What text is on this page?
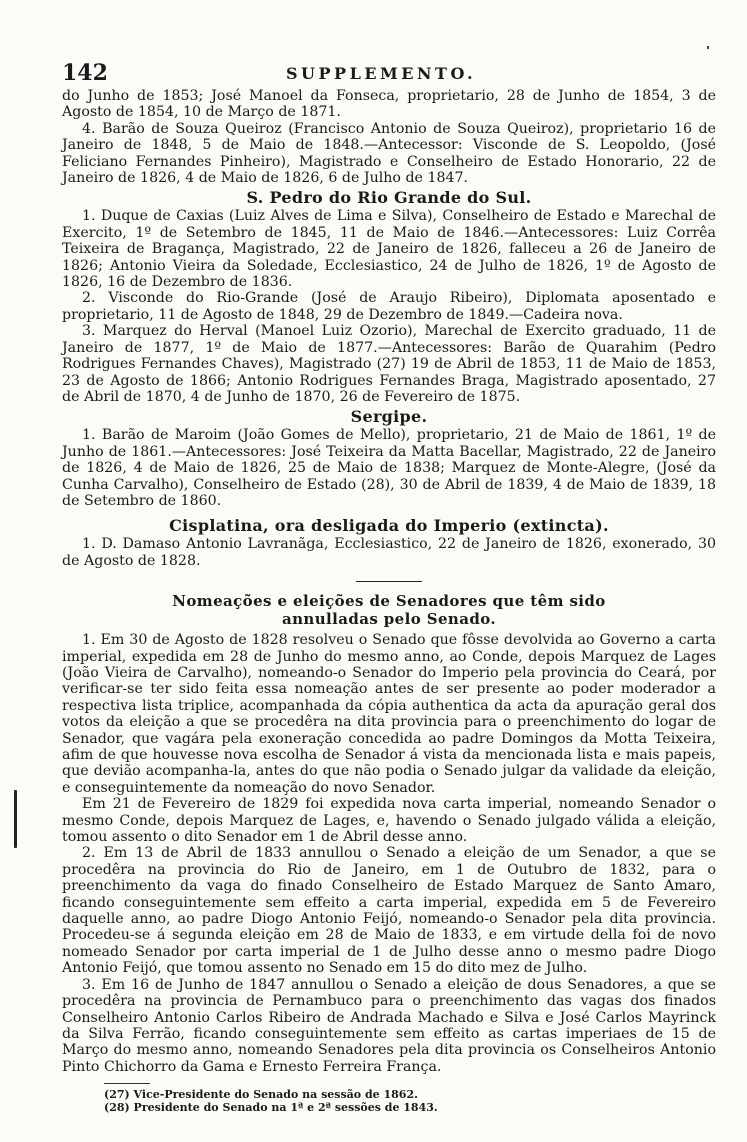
142	SUPPLEMENTO.

do Junho de 1853; José Manoel da Fonseca, proprietario, 28 de Junho de 1854, 3 de Agosto de 1854, 10 de Março de 1871.

4. Barão de Souza Queiroz (Francisco Antonio de Souza Queiroz), proprietario 16 de Janeiro de 1848, 5 de Maio de 1848.—Antecessor: Visconde de S. Leopoldo, (José Feliciano Fernandes Pinheiro), Magistrado e Conselheiro de Estado Honorario, 22 de Janeiro de 1826, 4 de Maio de 1826, 6 de Julho de 1847.

S. Pedro do Rio Grande do Sul.

1. Duque de Caxias (Luiz Alves de Lima e Silva), Conselheiro de Estado e Marechal de Exercito, 1º de Setembro de 1845, 11 de Maio de 1846.—Antecessores: Luiz Corrêa Teixeira de Bragança, Magistrado, 22 de Janeiro de 1826, falleceu a 26 de Janeiro de 1826; Antonio Vieira da Soledade, Ecclesiastico, 24 de Julho de 1826, 1º de Agosto de 1826, 16 de Dezembro de 1836.

2. Visconde do Rio-Grande (José de Araujo Ribeiro), Diplomata aposentado e proprietario, 11 de Agosto de 1848, 29 de Dezembro de 1849.—Cadeira nova.

3. Marquez do Herval (Manoel Luiz Ozorio), Marechal de Exercito graduado, 11 de Janeiro de 1877, 1º de Maio de 1877.—Antecessores: Barão de Quarahim (Pedro Rodrigues Fernandes Chaves), Magistrado (27) 19 de Abril de 1853, 11 de Maio de 1853, 23 de Agosto de 1866; Antonio Rodrigues Fernandes Braga, Magistrado aposentado, 27 de Abril de 1870, 4 de Junho de 1870, 26 de Fevereiro de 1875.

Sergipe.

1. Barão de Maroim (João Gomes de Mello), proprietario, 21 de Maio de 1861, 1º de Junho de 1861.—Antecessores: José Teixeira da Matta Bacellar, Magistrado, 22 de Janeiro de 1826, 4 de Maio de 1826, 25 de Maio de 1838; Marquez de Monte-Alegre, (José da Cunha Carvalho), Conselheiro de Estado (28), 30 de Abril de 1839, 4 de Maio de 1839, 18 de Setembro de 1860.

Cisplatina, ora desligada do Imperio (extincta).

1. D. Damaso Antonio Lavranãga, Ecclesiastico, 22 de Janeiro de 1826, exonerado, 30 de Agosto de 1828.

Nomeações e eleições de Senadores que têm sido annulladas pelo Senado.

1. Em 30 de Agosto de 1828 resolveu o Senado que fôsse devolvida ao Governo a carta imperial, expedida em 28 de Junho do mesmo anno, ao Conde, depois Marquez de Lages (João Vieira de Carvalho), nomeando-o Senador do Imperio pela provincia do Ceará, por verificar-se ter sido feita essa nomeação antes de ser presente ao poder moderador a respectiva lista triplice, acompanhada da cópia authentica da acta da apuração geral dos votos da eleição a que se procedêra na dita provincia para o preenchimento do logar de Senador, que vagára pela exoneração concedida ao padre Domingos da Motta Teixeira, afim de que houvesse nova escolha de Senador á vista da mencionada lista e mais papeis, que devião acompanha-la, antes do que não podia o Senado julgar da validade da eleição, e conseguintemente da nomeação do novo Senador.

Em 21 de Fevereiro de 1829 foi expedida nova carta imperial, nomeando Senador o mesmo Conde, depois Marquez de Lages, e, havendo o Senado julgado válida a eleição, tomou assento o dito Senador em 1 de Abril desse anno.

2. Em 13 de Abril de 1833 annullou o Senado a eleição de um Senador, a que se procedêra na provincia do Rio de Janeiro, em 1 de Outubro de 1832, para o preenchimento da vaga do finado Conselheiro de Estado Marquez de Santo Amaro, ficando conseguintemente sem effeito a carta imperial, expedida em 5 de Fevereiro daquelle anno, ao padre Diogo Antonio Feijó, nomeando-o Senador pela dita provincia. Procedeu-se á segunda eleição em 28 de Maio de 1833, e em virtude della foi de novo nomeado Senador por carta imperial de 1 de Julho desse anno o mesmo padre Diogo Antonio Feijó, que tomou assento no Senado em 15 do dito mez de Julho.

3. Em 16 de Junho de 1847 annullou o Senado a eleição de dous Senadores, a que se procedêra na provincia de Pernambuco para o preenchimento das vagas dos finados Conselheiro Antonio Carlos Ribeiro de Andrada Machado e Silva e José Carlos Mayrinck da Silva Ferrão, ficando conseguintemente sem effeito as cartas imperiaes de 15 de Março do mesmo anno, nomeando Senadores pela dita provincia os Conselheiros Antonio Pinto Chichorro da Gama e Ernesto Ferreira França.

(27) Vice-Presidente do Senado na sessão de 1862.

(28) Presidente do Senado na 1ª e 2ª sessões de 1843.
